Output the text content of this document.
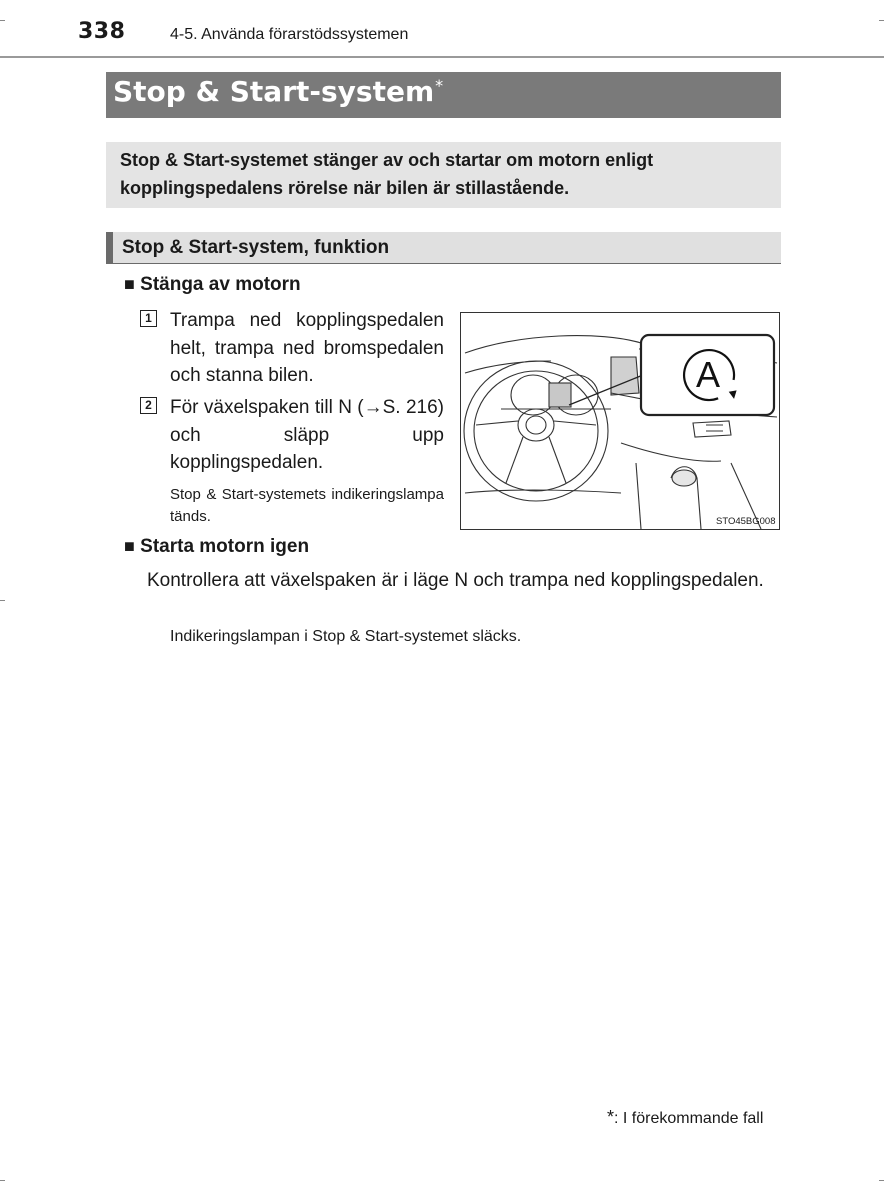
338	4-5. Använda förarstödssystemen
Stop & Start-system*
Stop & Start-systemet stänger av och startar om motorn enligt kopplingspedalens rörelse när bilen är stillastående.
Stop & Start-system, funktion
■ Stänga av motorn
1 Trampa ned kopplingspedalen helt, trampa ned bromspedalen och stanna bilen.
2 För växelspaken till N (→S. 216) och släpp upp kopplingspedalen.
Stop & Start-systemets indikeringslampa tänds.
A
STO45BG008
■ Starta motorn igen
Kontrollera att växelspaken är i läge N och trampa ned kopplingspedalen.
Indikeringslampan i Stop & Start-systemet släcks.
*: I förekommande fall
